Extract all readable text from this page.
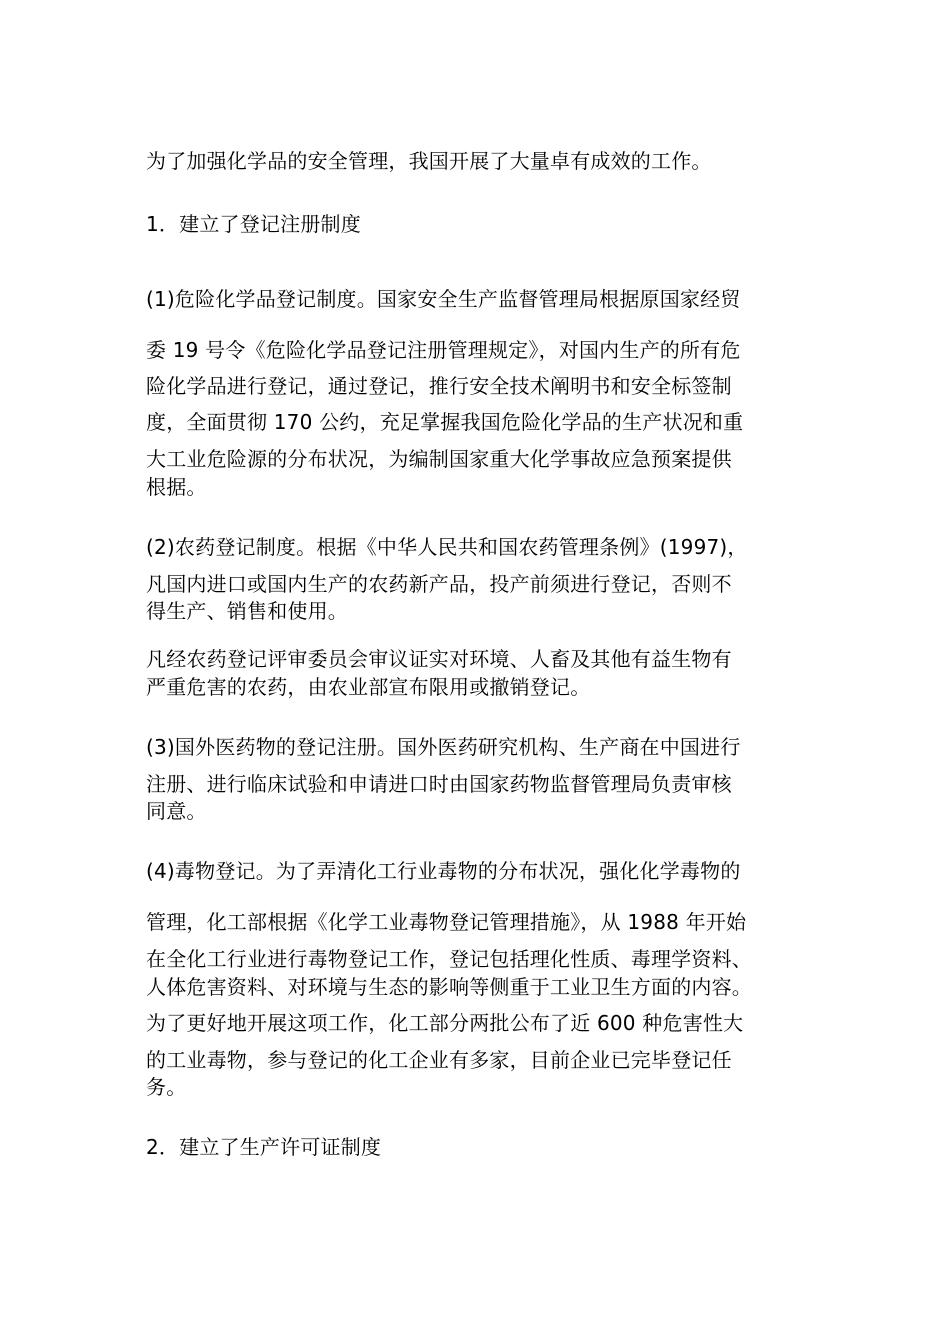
为了加强化学品的安全管理，我国开展了大量卓有成效的工作。
1．建立了登记注册制度
(1)危险化学品登记制度。国家安全生产监督管理局根据原国家经贸
委 19 号令《危险化学品登记注册管理规定》，对国内生产的所有危
险化学品进行登记，通过登记，推行安全技术阐明书和安全标签制
度，全面贯彻 170 公约，充足掌握我国危险化学品的生产状况和重
大工业危险源的分布状况，为编制国家重大化学事故应急预案提供
根据。
(2)农药登记制度。根据《中华人民共和国农药管理条例》(1997)，
凡国内进口或国内生产的农药新产品，投产前须进行登记，否则不
得生产、销售和使用。
凡经农药登记评审委员会审议证实对环境、人畜及其他有益生物有
严重危害的农药，由农业部宣布限用或撤销登记。
(3)国外医药物的登记注册。国外医药研究机构、生产商在中国进行
注册、进行临床试验和申请进口时由国家药物监督管理局负责审核
同意。
(4)毒物登记。为了弄清化工行业毒物的分布状况，强化化学毒物的
管理，化工部根据《化学工业毒物登记管理措施》，从 1988 年开始
在全化工行业进行毒物登记工作，登记包括理化性质、毒理学资料、
人体危害资料、对环境与生态的影响等侧重于工业卫生方面的内容。
为了更好地开展这项工作，化工部分两批公布了近 600 种危害性大
的工业毒物，参与登记的化工企业有多家，目前企业已完毕登记任
务。
2．建立了生产许可证制度
